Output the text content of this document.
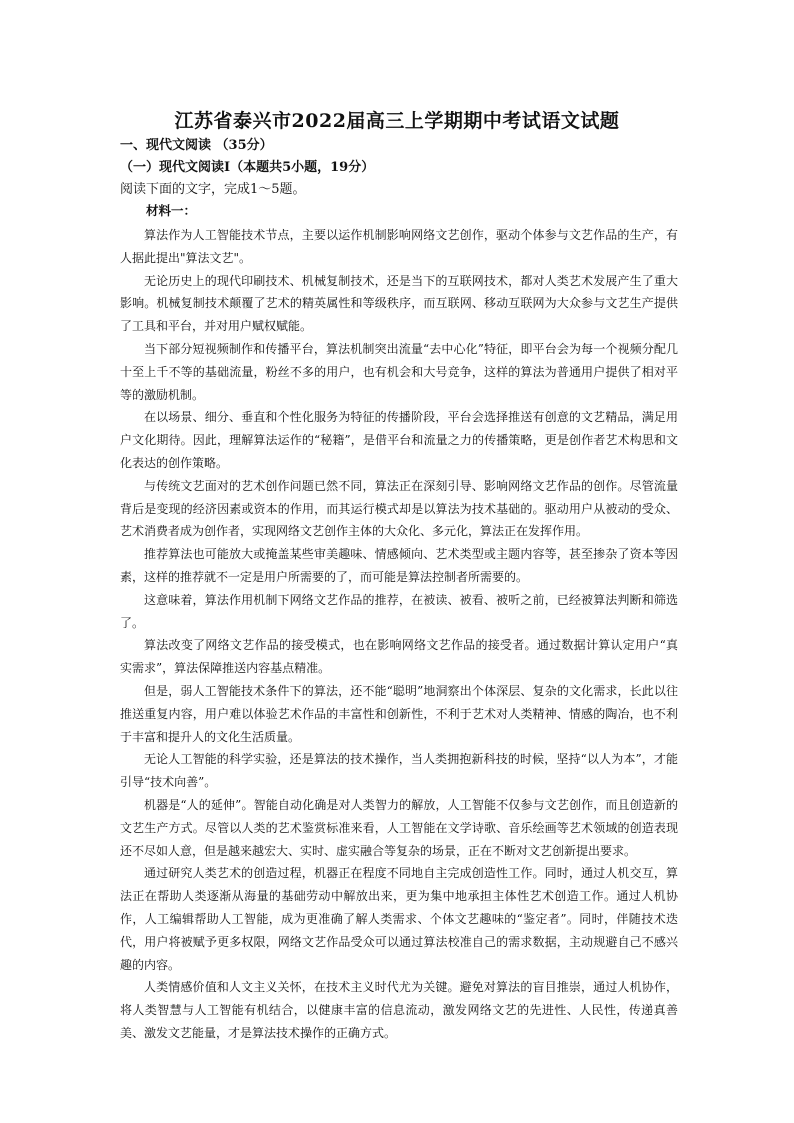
江苏省泰兴市2022届高三上学期期中考试语文试题
一、现代文阅读 （35分）
（一）现代文阅读Ⅰ（本题共5小题，19分）
阅读下面的文字，完成1～5题。
材料一：

算法作为人工智能技术节点，主要以运作机制影响网络文艺创作，驱动个体参与文艺作品的生产，有人据此提出"算法文艺"。

无论历史上的现代印刷技术、机械复制技术，还是当下的互联网技术，都对人类艺术发展产生了重大影响。机械复制技术颠覆了艺术的精英属性和等级秩序，而互联网、移动互联网为大众参与文艺生产提供了工具和平台，并对用户赋权赋能。

当下部分短视频制作和传播平台，算法机制突出流量“去中心化”特征，即平台会为每一个视频分配几十至上千不等的基础流量，粉丝不多的用户，也有机会和大号竞争，这样的算法为普通用户提供了相对平等的激励机制。

在以场景、细分、垂直和个性化服务为特征的传播阶段，平台会选择推送有创意的文艺精品，满足用户文化期待。因此，理解算法运作的“秘籍”，是借平台和流量之力的传播策略，更是创作者艺术构思和文化表达的创作策略。

与传统文艺面对的艺术创作问题已然不同，算法正在深刻引导、影响网络文艺作品的创作。尽管流量背后是变现的经济因素或资本的作用，而其运行模式却是以算法为技术基础的。驱动用户从被动的受众、艺术消费者成为创作者，实现网络文艺创作主体的大众化、多元化，算法正在发挥作用。

推荐算法也可能放大或掩盖某些审美趣味、情感倾向、艺术类型或主题内容等，甚至掺杂了资本等因素，这样的推荐就不一定是用户所需要的了，而可能是算法控制者所需要的。

这意味着，算法作用机制下网络文艺作品的推荐，在被读、被看、被听之前，已经被算法判断和筛选了。

算法改变了网络文艺作品的接受模式，也在影响网络文艺作品的接受者。通过数据计算认定用户“真实需求”，算法保障推送内容基点精准。

但是，弱人工智能技术条件下的算法，还不能“聪明”地洞察出个体深层、复杂的文化需求，长此以往推送重复内容，用户难以体验艺术作品的丰富性和创新性，不利于艺术对人类精神、情感的陶冶，也不利于丰富和提升人的文化生活质量。

无论人工智能的科学实验，还是算法的技术操作，当人类拥抱新科技的时候，坚持“以人为本”，才能引导“技术向善”。

机器是“人的延伸”。智能自动化确是对人类智力的解放，人工智能不仅参与文艺创作，而且创造新的文艺生产方式。尽管以人类的艺术鉴赏标准来看，人工智能在文学诗歌、音乐绘画等艺术领域的创造表现还不尽如人意，但是越来越宏大、实时、虚实融合等复杂的场景，正在不断对文艺创新提出要求。

通过研究人类艺术的创造过程，机器正在程度不同地自主完成创造性工作。同时，通过人机交互，算法正在帮助人类逐渐从海量的基础劳动中解放出来，更为集中地承担主体性艺术创造工作。通过人机协作，人工编辑帮助人工智能，成为更准确了解人类需求、个体文艺趣味的“鉴定者”。同时，伴随技术迭代，用户将被赋予更多权限，网络文艺作品受众可以通过算法校准自己的需求数据，主动规避自己不感兴趣的内容。

人类情感价值和人文主义关怀，在技术主义时代尤为关键。避免对算法的盲目推崇，通过人机协作，将人类智慧与人工智能有机结合，以健康丰富的信息流动，激发网络文艺的先进性、人民性，传递真善美、激发文艺能量，才是算法技术操作的正确方式。
